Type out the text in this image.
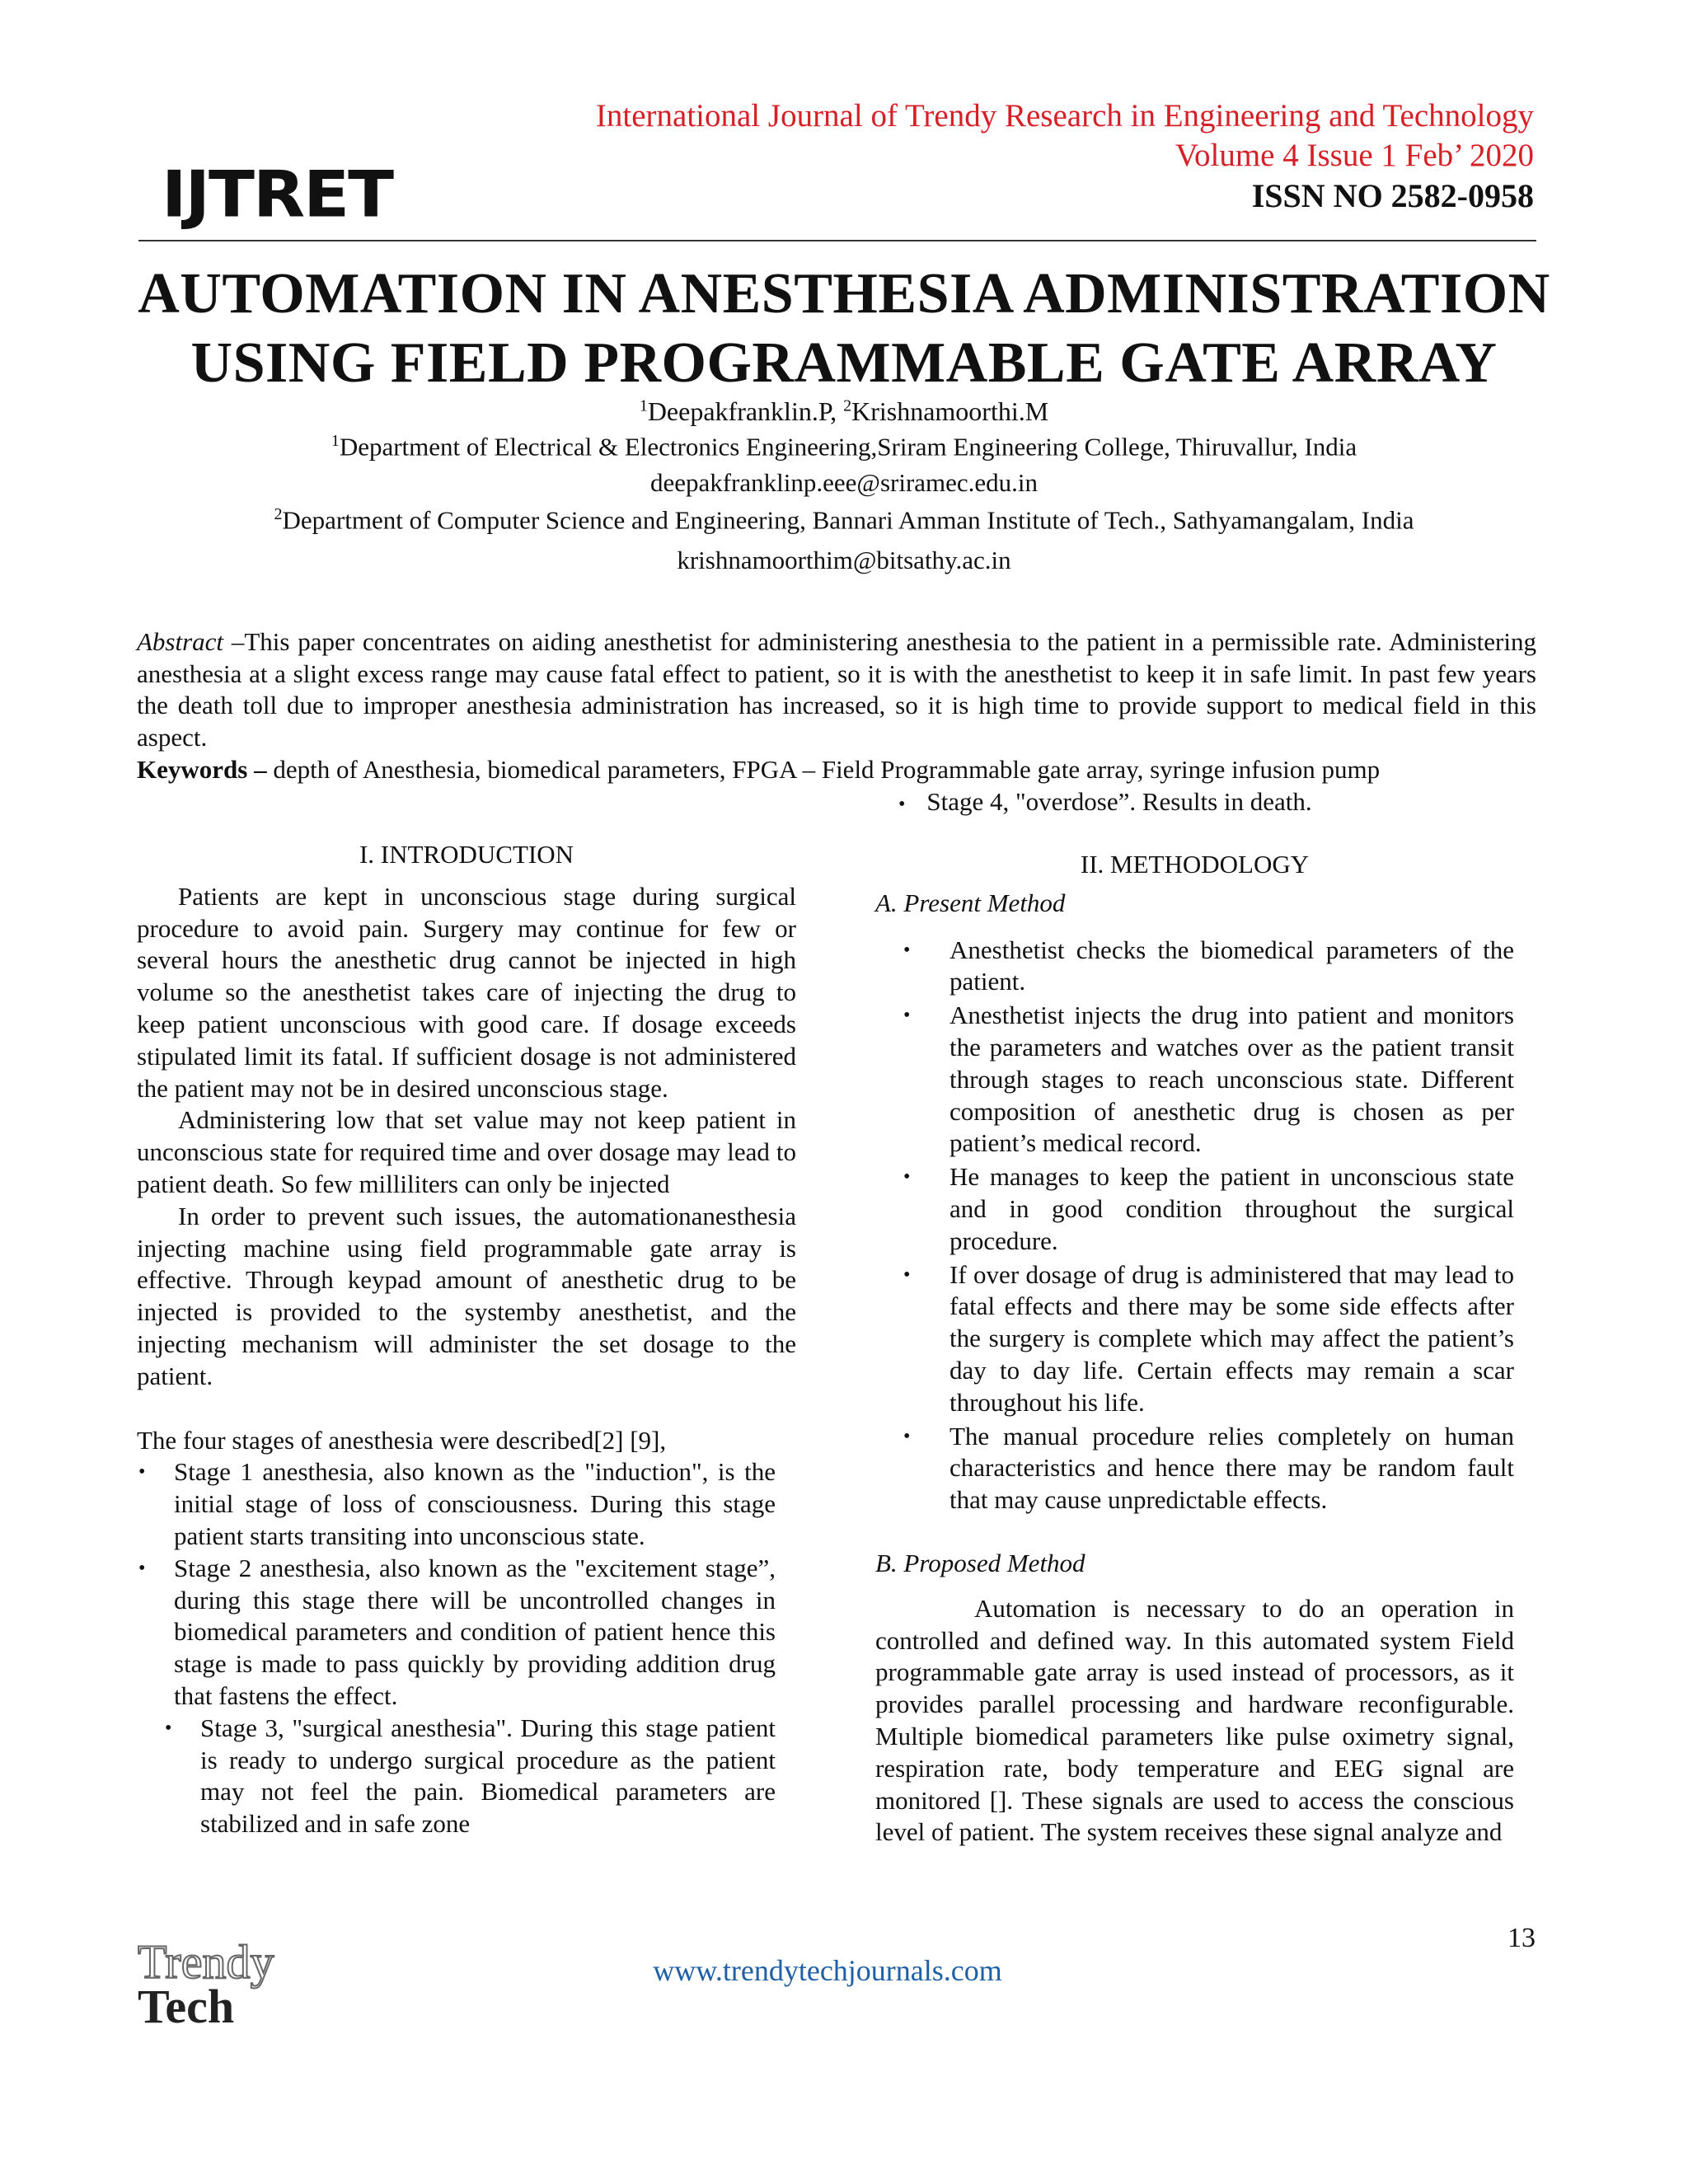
International Journal of Trendy Research in Engineering and Technology
Volume 4 Issue 1 Feb’ 2020
ISSN NO 2582-0958
IJTRET
AUTOMATION IN ANESTHESIA ADMINISTRATION
USING FIELD PROGRAMMABLE GATE ARRAY
$^1$Deepakfranklin.P, $^2$Krishnamoorthi.M
$^1$Department of Electrical & Electronics Engineering,Sriram Engineering College, Thiruvallur, India
deepakfranklinp.eee@sriramec.edu.in
$^2$Department of Computer Science and Engineering, Bannari Amman Institute of Tech., Sathyamangalam, India
krishnamoorthim@bitsathy.ac.in
Abstract –This paper concentrates on aiding anesthetist for administering anesthesia to the patient in a permissible rate. Administering anesthesia at a slight excess range may cause fatal effect to patient, so it is with the anesthetist to keep it in safe limit. In past few years the death toll due to improper anesthesia administration has increased, so it is high time to provide support to medical field in this aspect.
Keywords – depth of Anesthesia, biomedical parameters, FPGA – Field Programmable gate array, syringe infusion pump
• Stage 4, "overdose”. Results in death.
I. INTRODUCTION

Patients are kept in unconscious stage during surgical procedure to avoid pain. Surgery may continue for few or several hours the anesthetic drug cannot be injected in high volume so the anesthetist takes care of injecting the drug to keep patient unconscious with good care. If dosage exceeds stipulated limit its fatal. If sufficient dosage is not administered the patient may not be in desired unconscious stage.

Administering low that set value may not keep patient in unconscious state for required time and over dosage may lead to patient death. So few milliliters can only be injected

In order to prevent such issues, the automationanesthesia injecting machine using field programmable gate array is effective. Through keypad amount of anesthetic drug to be injected is provided to the systemby anesthetist, and the injecting mechanism will administer the set dosage to the patient.

The four stages of anesthesia were described[2] [9],

• Stage 1 anesthesia, also known as the "induction", is the initial stage of loss of consciousness. During this stage patient starts transiting into unconscious state.
• Stage 2 anesthesia, also known as the "excitement stage”, during this stage there will be uncontrolled changes in biomedical parameters and condition of patient hence this stage is made to pass quickly by providing addition drug that fastens the effect.
• Stage 3, "surgical anesthesia". During this stage patient is ready to undergo surgical procedure as the patient may not feel the pain. Biomedical parameters are stabilized and in safe zone
II. METHODOLOGY
A. Present Method
• Anesthetist checks the biomedical parameters of the patient.
• Anesthetist injects the drug into patient and monitors the parameters and watches over as the patient transit through stages to reach unconscious state. Different composition of anesthetic drug is chosen as per patient’s medical record.
• He manages to keep the patient in unconscious state and in good condition throughout the surgical procedure.
• If over dosage of drug is administered that may lead to fatal effects and there may be some side effects after the surgery is complete which may affect the patient’s day to day life. Certain effects may remain a scar throughout his life.
• The manual procedure relies completely on human characteristics and hence there may be random fault that may cause unpredictable effects.
B. Proposed Method

Automation is necessary to do an operation in controlled and defined way. In this automated system Field programmable gate array is used instead of processors, as it provides parallel processing and hardware reconfigurable. Multiple biomedical parameters like pulse oximetry signal, respiration rate, body temperature and EEG signal are monitored []. These signals are used to access the conscious level of patient. The system receives these signal analyze and

13
www.trendytechjournals.com
Trendy
Tech
